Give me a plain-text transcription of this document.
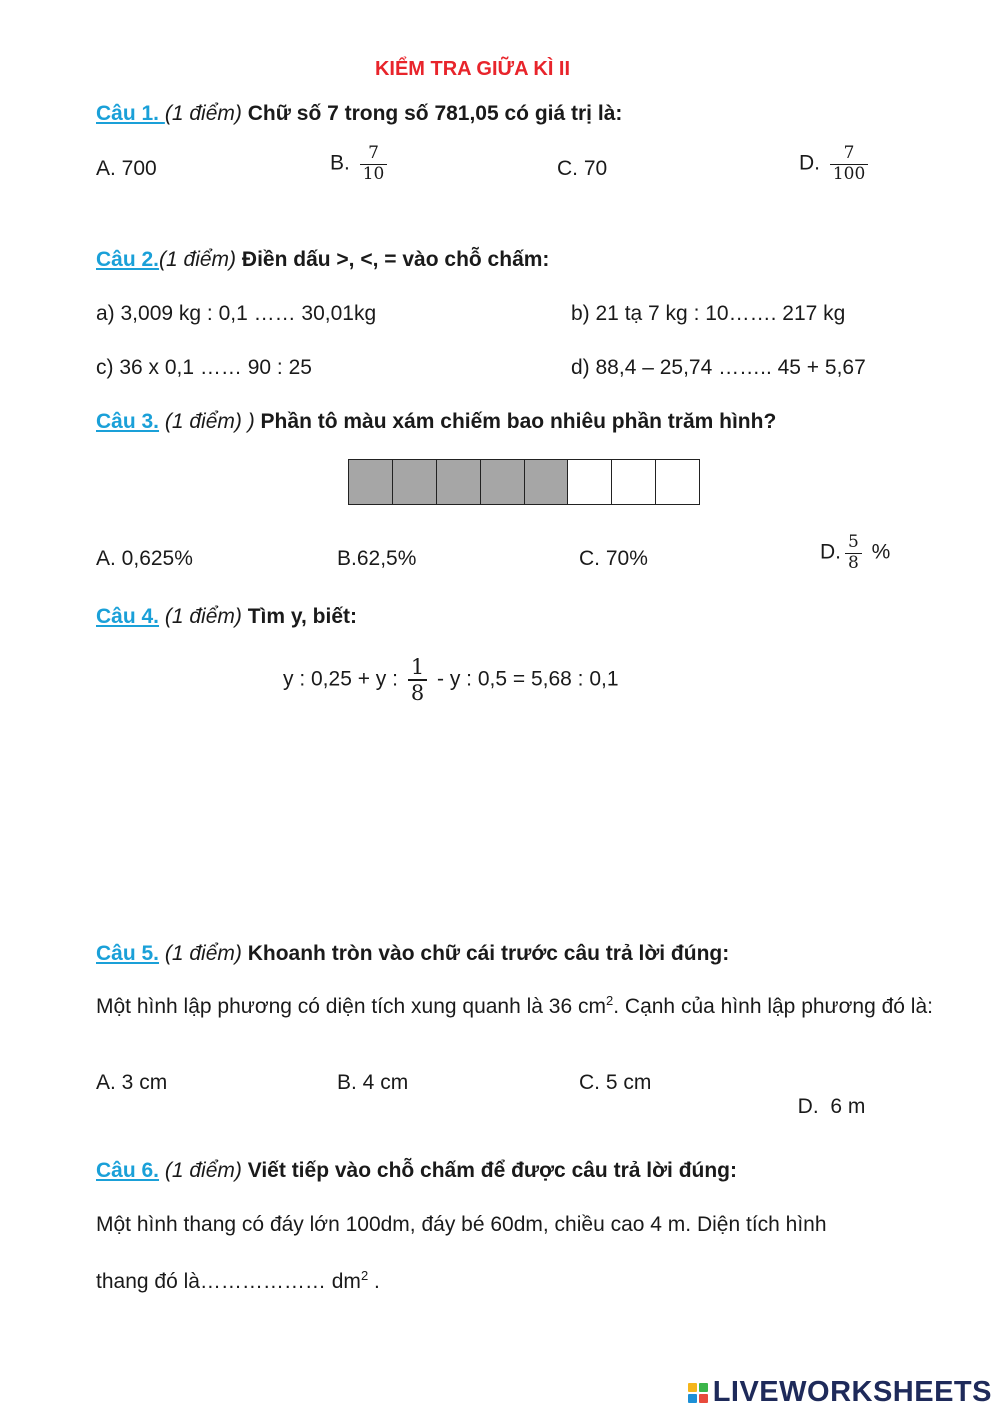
KIỂM TRA GIỮA KÌ II
Câu 1. (1 điểm) Chữ số 7 trong số 781,05 có giá trị là:
A. 700	B. $\frac{7}{10}$	C. 70	D. $\frac{7}{100}$
Câu 2.(1 điểm) Điền dấu >, <, = vào chỗ chấm:
a) 3,009 kg : 0,1 …… 30,01kg	b) 21 tạ 7 kg : 10……. 217 kg
c) 36 x 0,1 …… 90 : 25	d) 88,4 – 25,74 …….. 45 + 5,67
Câu 3. (1 điểm) ) Phần tô màu xám chiếm bao nhiêu phần trăm hình?
A. 0,625%	B.62,5%	C. 70%	D. $\frac{5}{8}$ %
Câu 4. (1 điểm) Tìm y, biết:
y : 0,25 + y : $\frac{1}{8}$ - y : 0,5 = 5,68 : 0,1
Câu 5. (1 điểm) Khoanh tròn vào chữ cái trước câu trả lời đúng:
Một hình lập phương có diện tích xung quanh là 36 $cm^2$. Cạnh của hình lập phương đó là:
A. 3 cm	B. 4 cm	C. 5 cm

D.  6 m

Câu 6. (1 điểm) Viết tiếp vào chỗ chấm để được câu trả lời đúng:
Một hình thang có đáy lớn 100dm, đáy bé 60dm, chiều cao 4 m. Diện tích hình
thang đó là……………… $dm^2$ .
LIVEWORKSHEETS
